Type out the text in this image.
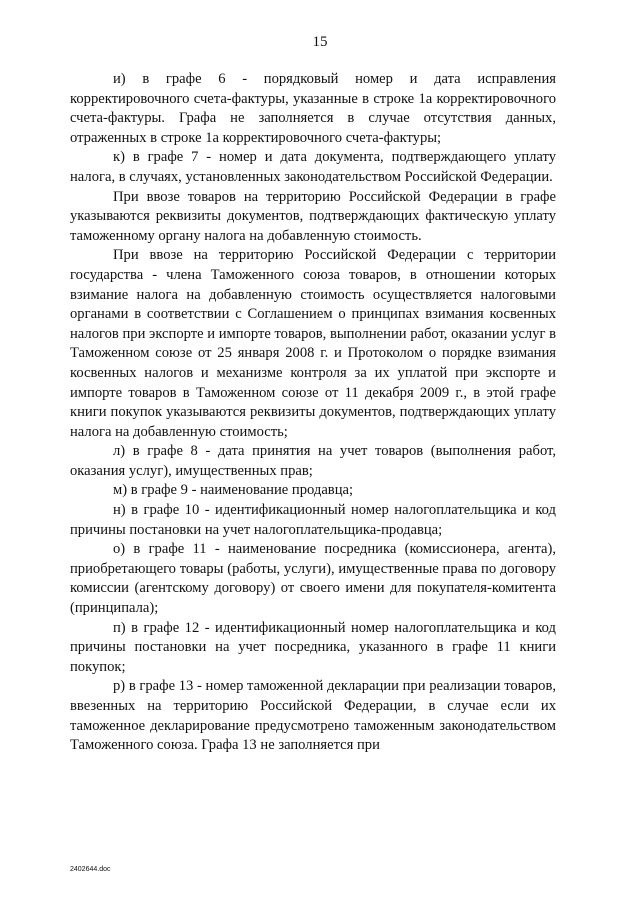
15

и) в графе 6 - порядковый номер и дата исправления корректировочного счета-фактуры, указанные в строке 1а корректировочного счета-фактуры. Графа не заполняется в случае отсутствия данных, отраженных в строке 1а корректировочного счета-фактуры;

к) в графе 7 - номер и дата документа, подтверждающего уплату налога, в случаях, установленных законодательством Российской Федерации.

При ввозе товаров на территорию Российской Федерации в графе указываются реквизиты документов, подтверждающих фактическую уплату таможенному органу налога на добавленную стоимость.

При ввозе на территорию Российской Федерации с территории государства - члена Таможенного союза товаров, в отношении которых взимание налога на добавленную стоимость осуществляется налоговыми органами в соответствии с Соглашением о принципах взимания косвенных налогов при экспорте и импорте товаров, выполнении работ, оказании услуг в Таможенном союзе от 25 января 2008 г. и Протоколом о порядке взимания косвенных налогов и механизме контроля за их уплатой при экспорте и импорте товаров в Таможенном союзе от 11 декабря 2009 г., в этой графе книги покупок указываются реквизиты документов, подтверждающих уплату налога на добавленную стоимость;

л) в графе 8 - дата принятия на учет товаров (выполнения работ, оказания услуг), имущественных прав;

м) в графе 9 - наименование продавца;

н) в графе 10 - идентификационный номер налогоплательщика и код причины постановки на учет налогоплательщика-продавца;

о) в графе 11 - наименование посредника (комиссионера, агента), приобретающего товары (работы, услуги), имущественные права по договору комиссии (агентскому договору) от своего имени для покупателя-комитента (принципала);

п) в графе 12 - идентификационный номер налогоплательщика и код причины постановки на учет посредника, указанного в графе 11 книги покупок;

р) в графе 13 - номер таможенной декларации при реализации товаров, ввезенных на территорию Российской Федерации, в случае если их таможенное декларирование предусмотрено таможенным законодательством Таможенного союза. Графа 13 не заполняется при

2402644.doc
